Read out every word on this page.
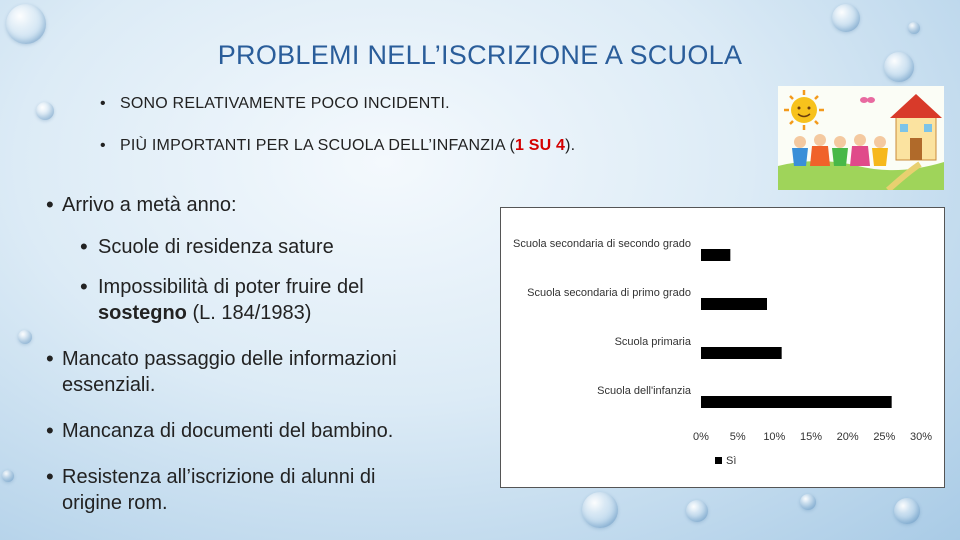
PROBLEMI NELL’ISCRIZIONE A SCUOLA
• SONO RELATIVAMENTE POCO INCIDENTI.
• PIÙ IMPORTANTI PER LA SCUOLA DELL’INFANZIA (1 SU 4).
• Arrivo a metà anno:
• Scuole di residenza sature
• Impossibilità di poter fruire del
sostegno (L. 184/1983)
• Mancato passaggio delle informazioni
essenziali.
• Mancanza di documenti del bambino.
• Resistenza all’iscrizione di alunni di
origine rom.
Scuola secondaria di secondo grado
Scuola secondaria di primo grado
Scuola primaria
Scuola dell'infanzia
0% 5% 10% 15% 20% 25% 30%
Sì
